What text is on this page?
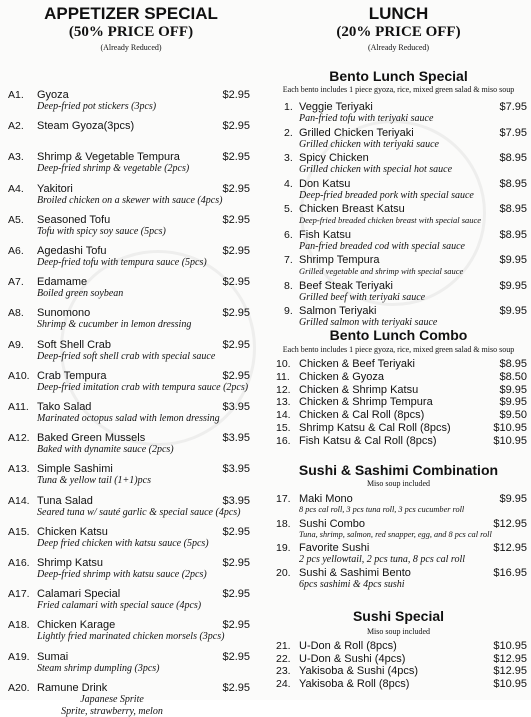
APPETIZER SPECIAL
(50% PRICE OFF)
(Already Reduced)
A1. Gyoza	$2.95
Deep-fried pot stickers (3pcs)
A2. Steam Gyoza(3pcs)	$2.95
A3. Shrimp & Vegetable Tempura	$2.95
Deep-fried shrimp & vegetable (2pcs)
A4. Yakitori	$2.95
Broiled chicken on a skewer with sauce (4pcs)
A5. Seasoned Tofu	$2.95
Tofu with spicy soy sauce (5pcs)
A6. Agedashi Tofu	$2.95
Deep-fried tofu with tempura sauce (5pcs)
A7. Edamame	$2.95
Boiled green soybean
A8. Sunomono	$2.95
Shrimp & cucumber in lemon dressing
A9. Soft Shell Crab	$2.95
Deep-fried soft shell crab with special sauce
A10. Crab Tempura	$2.95
Deep-fried imitation crab with tempura sauce (2pcs)
A11. Tako Salad	$3.95
Marinated octopus salad with lemon dressing
A12. Baked Green Mussels	$3.95
Baked with dynamite sauce (2pcs)
A13. Simple Sashimi	$3.95
Tuna & yellow tail (1+1)pcs
A14. Tuna Salad	$3.95
Seared tuna w/ sauté garlic & special sauce (4pcs)
A15. Chicken Katsu	$2.95
Deep fried chicken with katsu sauce (5pcs)
A16. Shrimp Katsu	$2.95
Deep-fried shrimp with katsu sauce (2pcs)
A17. Calamari Special	$2.95
Fried calamari with special sauce (4pcs)
A18. Chicken Karage	$2.95
Lightly fried marinated chicken morsels (3pcs)
A19. Sumai	$2.95
Steam shrimp dumpling (3pcs)
A20. Ramune Drink	$2.95
Japanese Sprite
Sprite, strawberry, melon
LUNCH
(20% PRICE OFF)
(Already Reduced)
Bento Lunch Special
Each bento includes 1 piece gyoza, rice, mixed green salad & miso soup
1. Veggie Teriyaki	$7.95
Pan-fried tofu with teriyaki sauce
2. Grilled Chicken Teriyaki	$7.95
Grilled chicken with teriyaki sauce
3. Spicy Chicken	$8.95
Grilled chicken with special hot sauce
4. Don Katsu	$8.95
Deep-fried breaded pork with special sauce
5. Chicken Breast Katsu	$8.95
Deep-fried breaded chicken breast with special sauce
6. Fish Katsu	$8.95
Pan-fried breaded cod with special sauce
7. Shrimp Tempura	$9.95
Grilled vegetable and shrimp with special sauce
8. Beef Steak Teriyaki	$9.95
Grilled beef with teriyaki sauce
9. Salmon Teriyaki	$9.95
Grilled salmon with teriyaki sauce
Bento Lunch Combo
Each bento includes 1 piece gyoza, rice, mixed green salad & miso soup
10. Chicken & Beef Teriyaki	$8.95
11. Chicken & Gyoza	$8.50
12. Chicken & Shrimp Katsu	$9.95
13. Chicken & Shrimp Tempura	$9.95
14. Chicken & Cal Roll (8pcs)	$9.50
15. Shrimp Katsu & Cal Roll (8pcs)	$10.95
16. Fish Katsu & Cal Roll (8pcs)	$10.95
Sushi & Sashimi Combination
Miso soup included
17. Maki Mono	$9.95
8 pcs cal roll, 3 pcs tuna roll, 3 pcs cucumber roll
18. Sushi Combo	$12.95
Tuna, shrimp, salmon, red snapper, egg, and 8 pcs cal roll
19. Favorite Sushi	$12.95
2 pcs yellowtail, 2 pcs tuna, 8 pcs cal roll
20. Sushi & Sashimi Bento	$16.95
6pcs sashimi & 4pcs sushi
Sushi Special
Miso soup included
21. U-Don & Roll (8pcs)	$10.95
22. U-Don & Sushi (4pcs)	$12.95
23. Yakisoba & Sushi (4pcs)	$12.95
24. Yakisoba & Roll (8pcs)	$10.95
